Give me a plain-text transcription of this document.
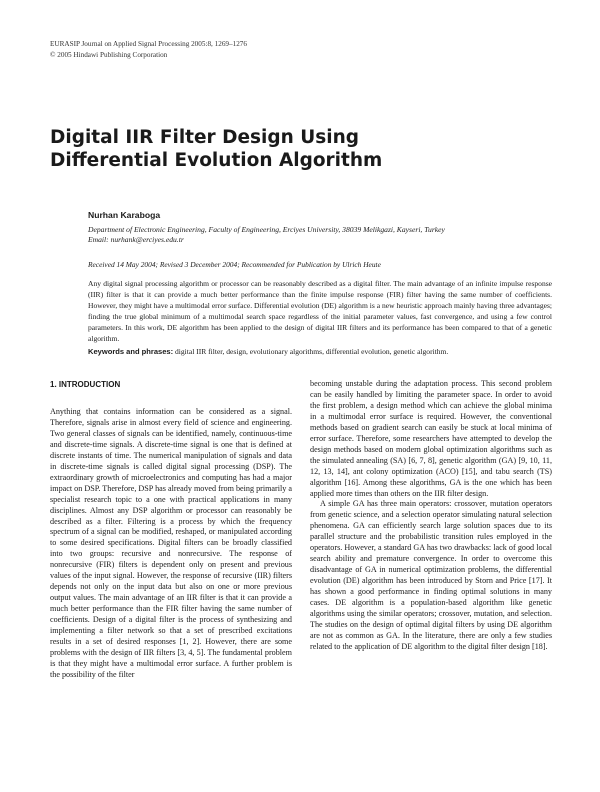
EURASIP Journal on Applied Signal Processing 2005:8, 1269–1276
© 2005 Hindawi Publishing Corporation
Digital IIR Filter Design Using Differential Evolution Algorithm
Nurhan Karaboga
Department of Electronic Engineering, Faculty of Engineering, Erciyes University, 38039 Melikgazi, Kayseri, Turkey
Email: nurhank@erciyes.edu.tr
Received 14 May 2004; Revised 3 December 2004; Recommended for Publication by Ulrich Heute
Any digital signal processing algorithm or processor can be reasonably described as a digital filter. The main advantage of an infinite impulse response (IIR) filter is that it can provide a much better performance than the finite impulse response (FIR) filter having the same number of coefficients. However, they might have a multimodal error surface. Differential evolution (DE) algorithm is a new heuristic approach mainly having three advantages; finding the true global minimum of a multimodal search space regardless of the initial parameter values, fast convergence, and using a few control parameters. In this work, DE algorithm has been applied to the design of digital IIR filters and its performance has been compared to that of a genetic algorithm.
Keywords and phrases: digital IIR filter, design, evolutionary algorithms, differential evolution, genetic algorithm.
1. INTRODUCTION

Anything that contains information can be considered as a signal. Therefore, signals arise in almost every field of science and engineering. Two general classes of signals can be identified, namely, continuous-time and discrete-time signals. A discrete-time signal is one that is defined at discrete instants of time. The numerical manipulation of signals and data in discrete-time signals is called digital signal processing (DSP). The extraordinary growth of microelectronics and computing has had a major impact on DSP. Therefore, DSP has already moved from being primarily a specialist research topic to a one with practical applications in many disciplines. Almost any DSP algorithm or processor can reasonably be described as a filter. Filtering is a process by which the frequency spectrum of a signal can be modified, reshaped, or manipulated according to some desired specifications. Digital filters can be broadly classified into two groups: recursive and nonrecursive. The response of nonrecursive (FIR) filters is dependent only on present and previous values of the input signal. However, the response of recursive (IIR) filters depends not only on the input data but also on one or more previous output values. The main advantage of an IIR filter is that it can provide a much better performance than the FIR filter having the same number of coefficients. Design of a digital filter is the process of synthesizing and implementing a filter network so that a set of prescribed excitations results in a set of desired responses [1, 2]. However, there are some problems with the design of IIR filters [3, 4, 5]. The fundamental problem is that they might have a multimodal error surface. A further problem is the possibility of the filter

becoming unstable during the adaptation process. This second problem can be easily handled by limiting the parameter space. In order to avoid the first problem, a design method which can achieve the global minima in a multimodal error surface is required. However, the conventional methods based on gradient search can easily be stuck at local minima of error surface. Therefore, some researchers have attempted to develop the design methods based on modern global optimization algorithms such as the simulated annealing (SA) [6, 7, 8], genetic algorithm (GA) [9, 10, 11, 12, 13, 14], ant colony optimization (ACO) [15], and tabu search (TS) algorithm [16]. Among these algorithms, GA is the one which has been applied more times than others on the IIR filter design.

A simple GA has three main operators: crossover, mutation operators from genetic science, and a selection operator simulating natural selection phenomena. GA can efficiently search large solution spaces due to its parallel structure and the probabilistic transition rules employed in the operators. However, a standard GA has two drawbacks: lack of good local search ability and premature convergence. In order to overcome this disadvantage of GA in numerical optimization problems, the differential evolution (DE) algorithm has been introduced by Storn and Price [17]. It has shown a good performance in finding optimal solutions in many cases. DE algorithm is a population-based algorithm like genetic algorithms using the similar operators; crossover, mutation, and selection. The studies on the design of optimal digital filters by using DE algorithm are not as common as GA. In the literature, there are only a few studies related to the application of DE algorithm to the digital filter design [18].
